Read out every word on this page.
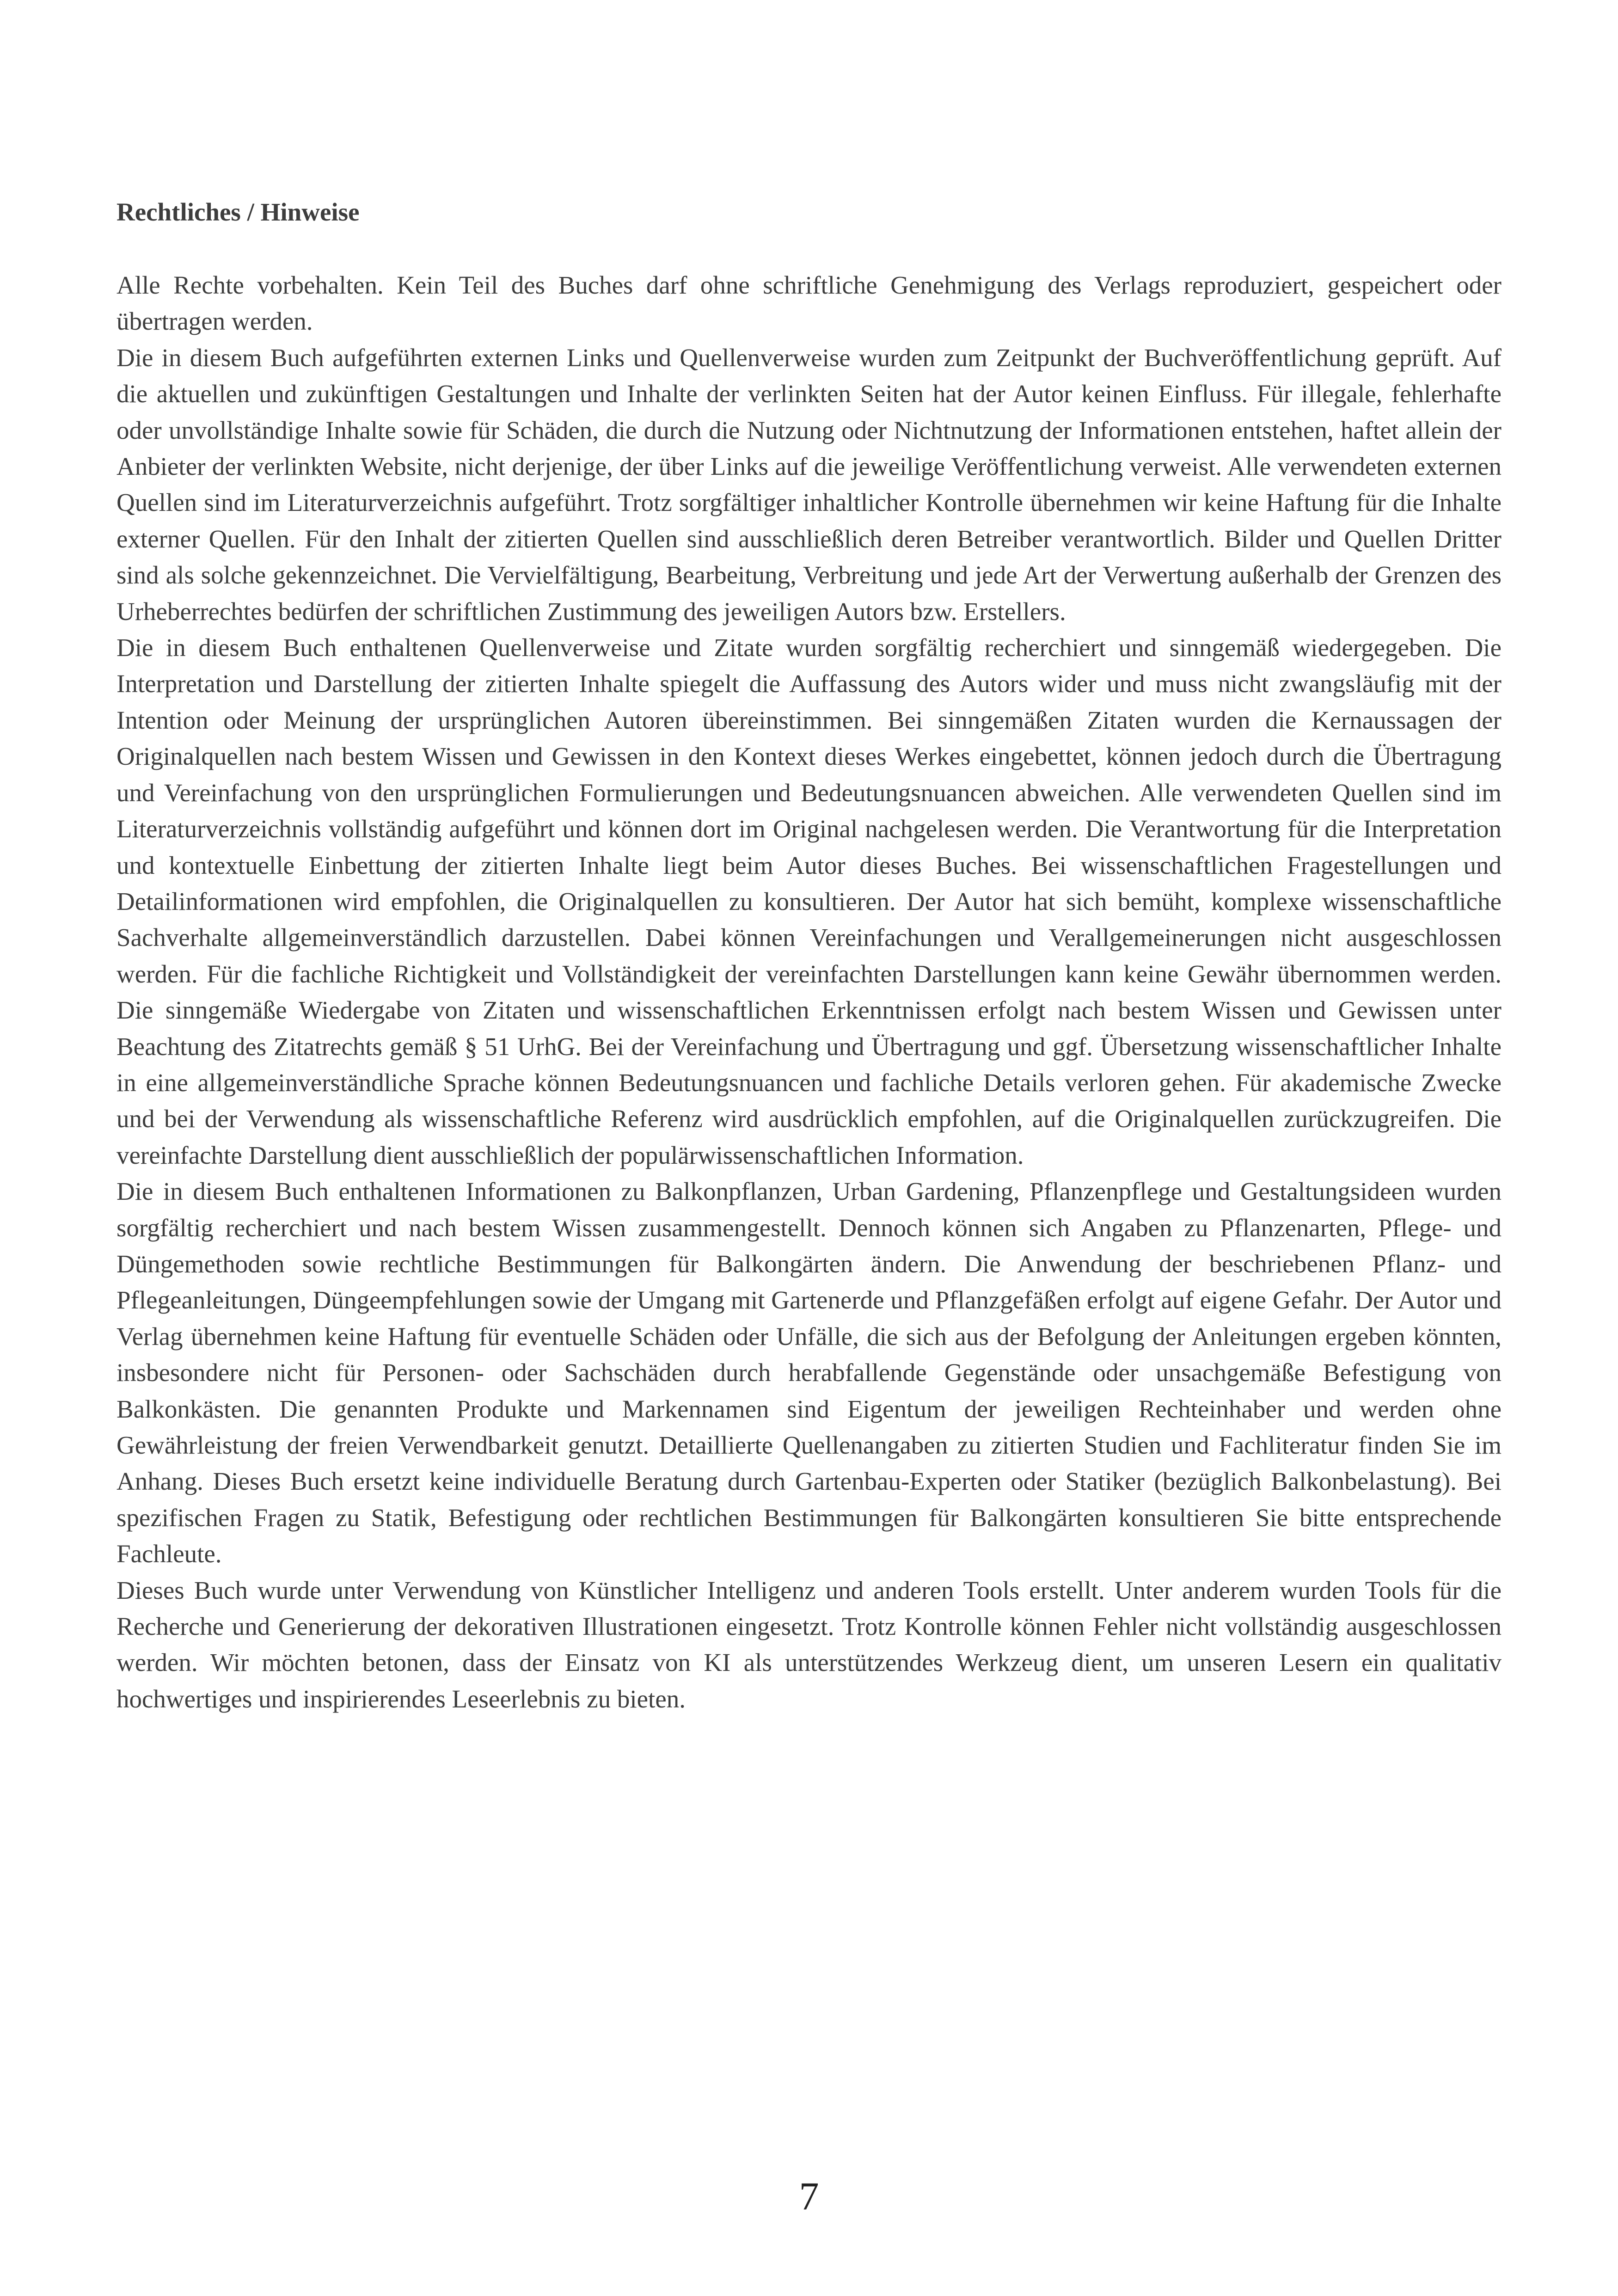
Rechtliches / Hinweise

Alle Rechte vorbehalten. Kein Teil des Buches darf ohne schriftliche Genehmigung des Verlags reproduziert, gespeichert oder übertragen werden.

Die in diesem Buch aufgeführten externen Links und Quellenverweise wurden zum Zeitpunkt der Buchveröffentlichung geprüft. Auf die aktuellen und zukünftigen Gestaltungen und Inhalte der verlinkten Seiten hat der Autor keinen Einfluss. Für illegale, fehlerhafte oder unvollständige Inhalte sowie für Schäden, die durch die Nutzung oder Nichtnutzung der Informationen entstehen, haftet allein der Anbieter der verlinkten Website, nicht derjenige, der über Links auf die jeweilige Veröffentlichung verweist. Alle verwendeten externen Quellen sind im Literaturverzeichnis aufgeführt. Trotz sorgfältiger inhaltlicher Kontrolle übernehmen wir keine Haftung für die Inhalte externer Quellen. Für den Inhalt der zitierten Quellen sind ausschließlich deren Betreiber verantwortlich. Bilder und Quellen Dritter sind als solche gekennzeichnet. Die Vervielfältigung, Bearbeitung, Verbreitung und jede Art der Verwertung außerhalb der Grenzen des Urheberrechtes bedürfen der schriftlichen Zustimmung des jeweiligen Autors bzw. Erstellers.

Die in diesem Buch enthaltenen Quellenverweise und Zitate wurden sorgfältig recherchiert und sinngemäß wiedergegeben. Die Interpretation und Darstellung der zitierten Inhalte spiegelt die Auffassung des Autors wider und muss nicht zwangsläufig mit der Intention oder Meinung der ursprünglichen Autoren übereinstimmen. Bei sinngemäßen Zitaten wurden die Kernaussagen der Originalquellen nach bestem Wissen und Gewissen in den Kontext dieses Werkes eingebettet, können jedoch durch die Übertragung und Vereinfachung von den ursprünglichen Formulierungen und Bedeutungsnuancen abweichen. Alle verwendeten Quellen sind im Literaturverzeichnis vollständig aufgeführt und können dort im Original nachgelesen werden. Die Verantwortung für die Interpretation und kontextuelle Einbettung der zitierten Inhalte liegt beim Autor dieses Buches. Bei wissenschaftlichen Fragestellungen und Detailinformationen wird empfohlen, die Originalquellen zu konsultieren. Der Autor hat sich bemüht, komplexe wissenschaftliche Sachverhalte allgemeinverständlich darzustellen. Dabei können Vereinfachungen und Verallgemeinerungen nicht ausgeschlossen werden. Für die fachliche Richtigkeit und Vollständigkeit der vereinfachten Darstellungen kann keine Gewähr übernommen werden. Die sinngemäße Wiedergabe von Zitaten und wissenschaftlichen Erkenntnissen erfolgt nach bestem Wissen und Gewissen unter Beachtung des Zitatrechts gemäß § 51 UrhG. Bei der Vereinfachung und Übertragung und ggf. Übersetzung wissenschaftlicher Inhalte in eine allgemeinverständliche Sprache können Bedeutungsnuancen und fachliche Details verloren gehen. Für akademische Zwecke und bei der Verwendung als wissenschaftliche Referenz wird ausdrücklich empfohlen, auf die Originalquellen zurückzugreifen. Die vereinfachte Darstellung dient ausschließlich der populärwissenschaftlichen Information.

Die in diesem Buch enthaltenen Informationen zu Balkonpflanzen, Urban Gardening, Pflanzenpflege und Gestaltungsideen wurden sorgfältig recherchiert und nach bestem Wissen zusammengestellt. Dennoch können sich Angaben zu Pflanzenarten, Pflege- und Düngemethoden sowie rechtliche Bestimmungen für Balkongärten ändern. Die Anwendung der beschriebenen Pflanz- und Pflegeanleitungen, Düngeempfehlungen sowie der Umgang mit Gartenerde und Pflanzgefäßen erfolgt auf eigene Gefahr. Der Autor und Verlag übernehmen keine Haftung für eventuelle Schäden oder Unfälle, die sich aus der Befolgung der Anleitungen ergeben könnten, insbesondere nicht für Personen- oder Sachschäden durch herabfallende Gegenstände oder unsachgemäße Befestigung von Balkonkästen. Die genannten Produkte und Markennamen sind Eigentum der jeweiligen Rechteinhaber und werden ohne Gewährleistung der freien Verwendbarkeit genutzt. Detaillierte Quellenangaben zu zitierten Studien und Fachliteratur finden Sie im Anhang. Dieses Buch ersetzt keine individuelle Beratung durch Gartenbau-Experten oder Statiker (bezüglich Balkonbelastung). Bei spezifischen Fragen zu Statik, Befestigung oder rechtlichen Bestimmungen für Balkongärten konsultieren Sie bitte entsprechende Fachleute.

Dieses Buch wurde unter Verwendung von Künstlicher Intelligenz und anderen Tools erstellt. Unter anderem wurden Tools für die Recherche und Generierung der dekorativen Illustrationen eingesetzt. Trotz Kontrolle können Fehler nicht vollständig ausgeschlossen werden. Wir möchten betonen, dass der Einsatz von KI als unterstützendes Werkzeug dient, um unseren Lesern ein qualitativ hochwertiges und inspirierendes Leseerlebnis zu bieten.

7
